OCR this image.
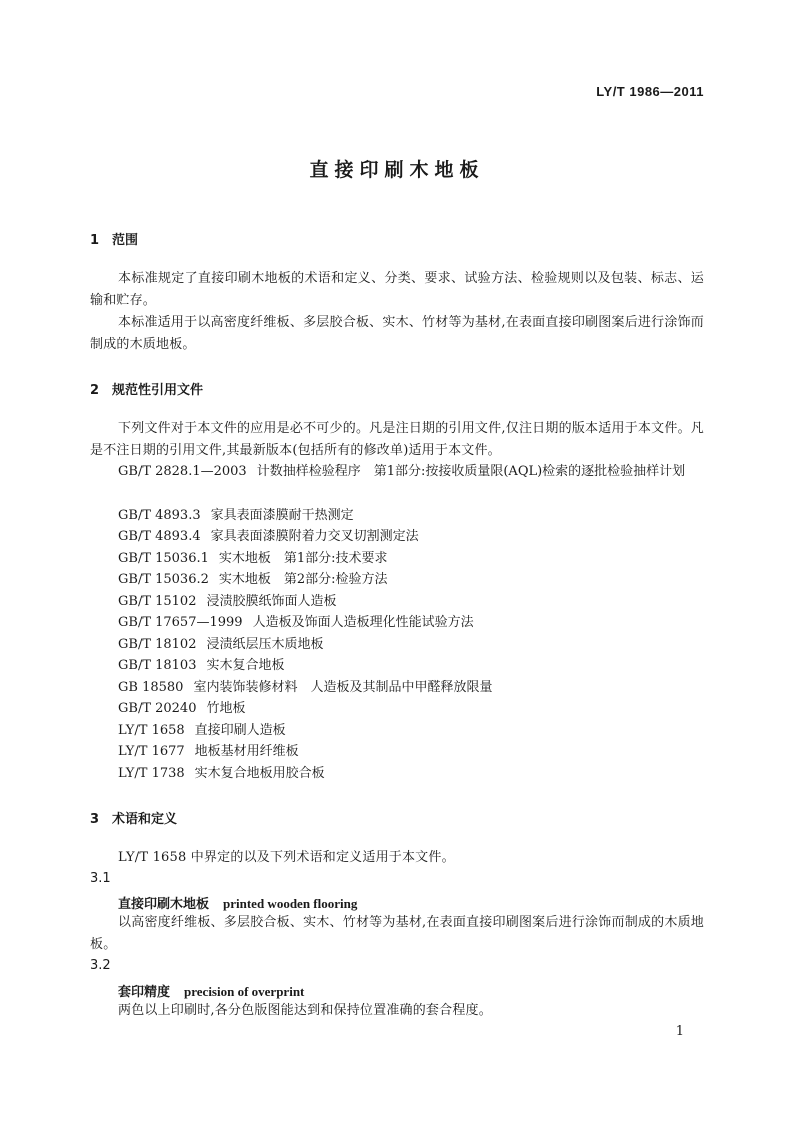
LY/T 1986—2011
直接印刷木地板
1 范围
本标准规定了直接印刷木地板的术语和定义、分类、要求、试验方法、检验规则以及包装、标志、运输和贮存。
本标准适用于以高密度纤维板、多层胶合板、实木、竹材等为基材,在表面直接印刷图案后进行涂饰而制成的木质地板。
2 规范性引用文件
下列文件对于本文件的应用是必不可少的。凡是注日期的引用文件,仅注日期的版本适用于本文件。凡是不注日期的引用文件,其最新版本(包括所有的修改单)适用于本文件。
GB/T 2828.1—2003 计数抽样检验程序　第1部分:按接收质量限(AQL)检索的逐批检验抽样计划
GB/T 4893.3 家具表面漆膜耐干热测定
GB/T 4893.4 家具表面漆膜附着力交叉切割测定法
GB/T 15036.1 实木地板　第1部分:技术要求
GB/T 15036.2 实木地板　第2部分:检验方法
GB/T 15102 浸渍胶膜纸饰面人造板
GB/T 17657—1999 人造板及饰面人造板理化性能试验方法
GB/T 18102 浸渍纸层压木质地板
GB/T 18103 实木复合地板
GB 18580 室内装饰装修材料　人造板及其制品中甲醛释放限量
GB/T 20240 竹地板
LY/T 1658 直接印刷人造板
LY/T 1677 地板基材用纤维板
LY/T 1738 实木复合地板用胶合板
3 术语和定义
LY/T 1658 中界定的以及下列术语和定义适用于本文件。
3.1
直接印刷木地板 printed wooden flooring
以高密度纤维板、多层胶合板、实木、竹材等为基材,在表面直接印刷图案后进行涂饰而制成的木质地板。
3.2
套印精度 precision of overprint
两色以上印刷时,各分色版图能达到和保持位置准确的套合程度。
1
